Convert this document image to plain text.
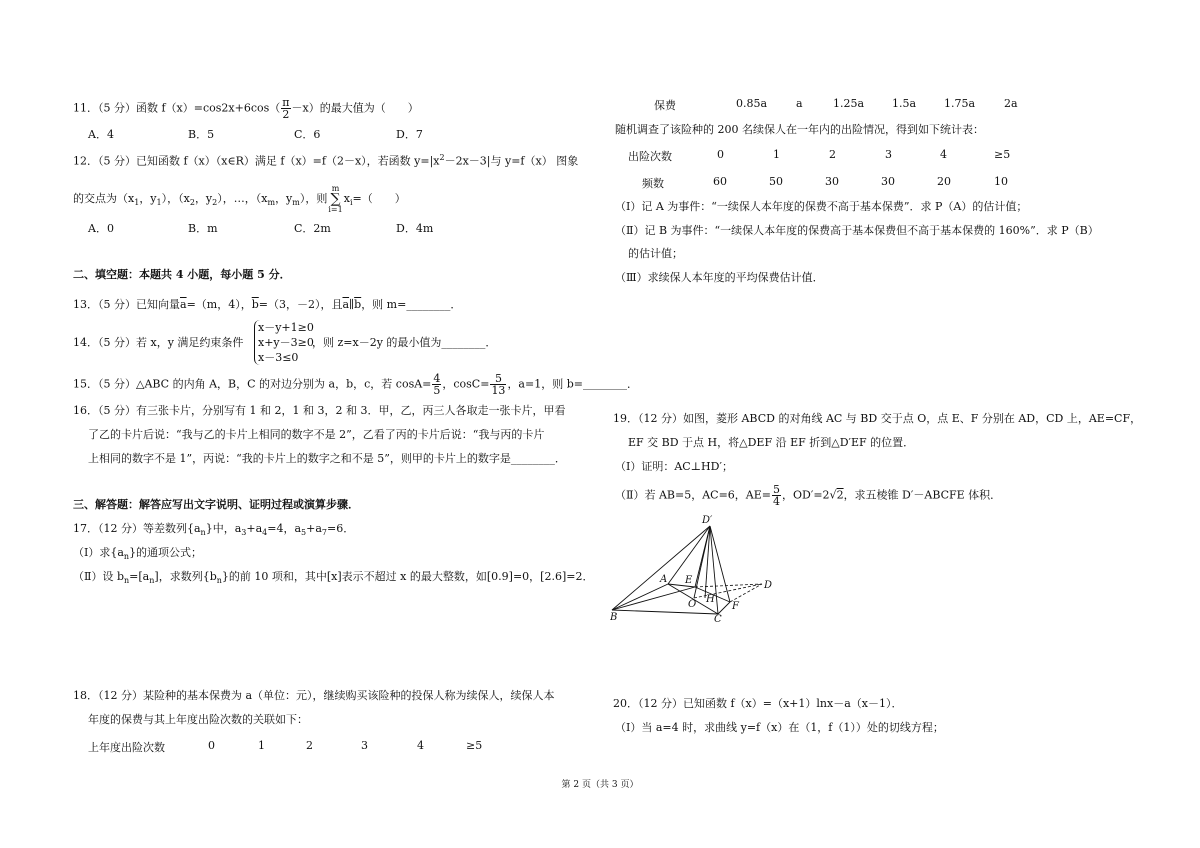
11．（5 分）函数 $f(x)=\cos 2x+6\cos( \frac{\pi}{2} -x)$的最大值为（　　）
A．4	B．5	C．6	D．7
12．（5 分）已知函数 f（x）（x∈R）满足 f（x）=f（2－x），若函数 $y=|x^2-2x-3|$与 y=f（x） 图象
的交点为（$x_1$，$y_1$），（$x_2$，$y_2$），…，（$x_m$，$y_m$），则m
∑
$i=1x_i=$（　　）
A．0	B．m	C．2m	D．4m
二、填空题：本题共 4 小题，每小题 5 分．
13．（5 分）已知向量$\overline{a}=(m$，4），$\overline{b}=(3$，－2），且$\overline{a}\parallel\overline{b}$，则 m=________．
14．（5 分）若 x，y 满足约束条件
x－y+1≥0
x+y－3≥0
x－3≤0
，则 z=x－2y 的最小值为________．
15．（5 分）△ABC 的内角 A，B，C 的对边分别为 a，b，c，若 $\cos A= \frac{4}{5}$ ，$\cos C= \frac{5}{13}$ ，a=1，则 b=________．
16．（5 分）有三张卡片，分别写有 1 和 2，1 和 3，2 和 3．甲，乙，丙三人各取走一张卡片，甲看
了乙的卡片后说：“我与乙的卡片上相同的数字不是 2”，乙看了丙的卡片后说：“我与丙的卡片
上相同的数字不是 1”，丙说：“我的卡片上的数字之和不是 5”，则甲的卡片上的数字是________．
三、解答题：解答应写出文字说明、证明过程或演算步骤．
17．（12 分）等差数列$\{a_n\}$中，$a_3+a_4=4$，$a_5+a_7=6$．
（Ⅰ）求$\{a_n\}$的通项公式；
（Ⅱ）设 $b_n=[a_n]$，求数列$\{b_n\}$的前 10 项和，其中[x]表示不超过 x 的最大整数，如[0.9]=0，[2.6]=2．
18．（12 分）某险种的基本保费为 a（单位：元），继续购买该险种的投保人称为续保人，续保人本
年度的保费与其上年度出险次数的关联如下：
上年度出险次数	0	1	2	3	4	≥5
保费	0.85a	a	1.25a	1.5a	1.75a	2a
随机调查了该险种的 200 名续保人在一年内的出险情况，得到如下统计表：
出险次数	0	1	2	3	4	≥5
频数	60	50	30	30	20	10
（Ⅰ）记 A 为事件：“一续保人本年度的保费不高于基本保费”．求 P（A）的估计值；
（Ⅱ）记 B 为事件：“一续保人本年度的保费高于基本保费但不高于基本保费的 160%”．求 P（B）
的估计值；
（Ⅲ）求续保人本年度的平均保费估计值．
19．（12 分）如图，菱形 ABCD 的对角线 AC 与 BD 交于点 O，点 E、F 分别在 AD，CD 上，AE=CF，
EF 交 BD 于点 H，将△DEF 沿 EF 折到△D′EF 的位置．
（Ⅰ）证明：AC⊥HD′；
（Ⅱ）若 AB=5，AC=6，$AE= \frac{5}{4}$ ，OD′=2√2，求五棱锥 D′－ABCFE 体积．
20．（12 分）已知函数 f（x）=（x+1）lnx－a（x－1）．
（I）当 a=4 时，求曲线 y=f（x）在（1，f（1））处的切线方程；
D′
A E	D
O H
F
B	C
第 2 页（共 3 页）
